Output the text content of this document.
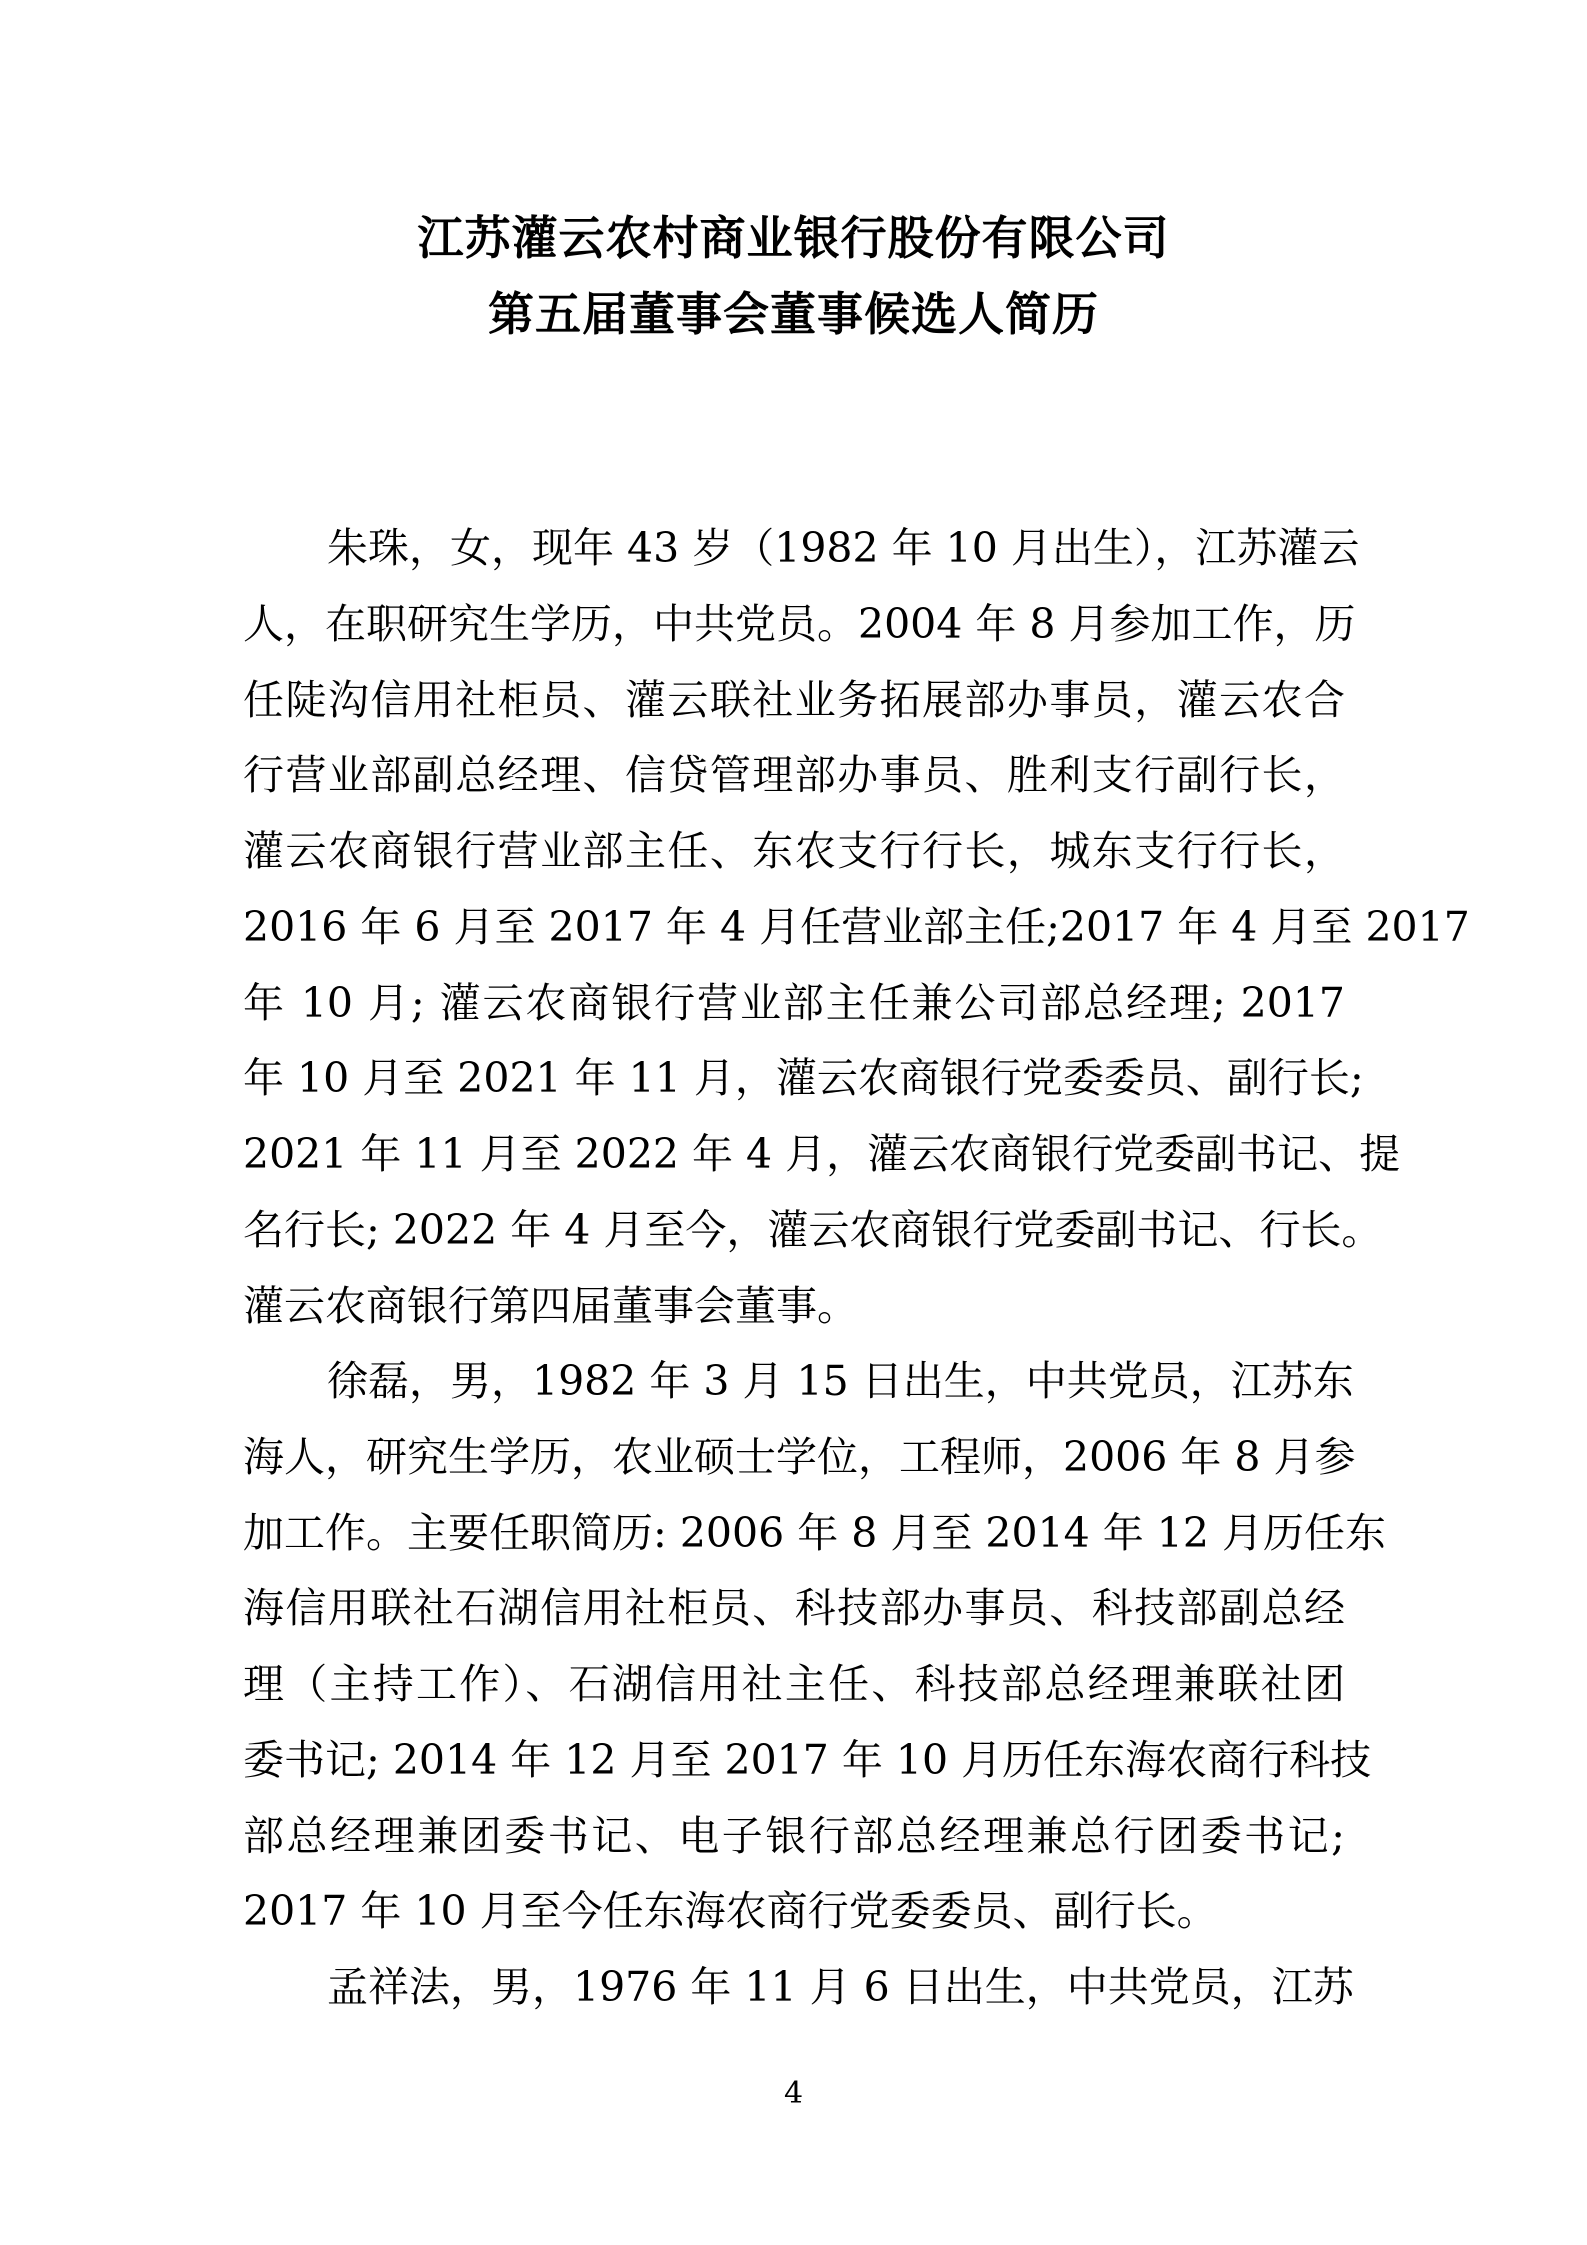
江苏灌云农村商业银行股份有限公司
第五届董事会董事候选人简历
朱珠，女，现年 43 岁（1982 年 10 月出生），江苏灌云
人，在职研究生学历，中共党员。2004 年 8 月参加工作，历
任陡沟信用社柜员、灌云联社业务拓展部办事员，灌云农合
行营业部副总经理、信贷管理部办事员、胜利支行副行长，
灌云农商银行营业部主任、东农支行行长，城东支行行长，
2016 年 6 月至 2017 年 4 月任营业部主任;2017 年 4 月至 2017
年 10 月; 灌云农商银行营业部主任兼公司部总经理; 2017
年 10 月至 2021 年 11 月，灌云农商银行党委委员、副行长;
2021 年 11 月至 2022 年 4 月，灌云农商银行党委副书记、提
名行长; 2022 年 4 月至今，灌云农商银行党委副书记、行长。
灌云农商银行第四届董事会董事。
徐磊，男，1982 年 3 月 15 日出生，中共党员，江苏东
海人，研究生学历，农业硕士学位，工程师，2006 年 8 月参
加工作。主要任职简历: 2006 年 8 月至 2014 年 12 月历任东
海信用联社石湖信用社柜员、科技部办事员、科技部副总经
理（主持工作）、石湖信用社主任、科技部总经理兼联社团
委书记; 2014 年 12 月至 2017 年 10 月历任东海农商行科技
部总经理兼团委书记、电子银行部总经理兼总行团委书记;
2017 年 10 月至今任东海农商行党委委员、副行长。
孟祥法，男，1976 年 11 月 6 日出生，中共党员，江苏
4
